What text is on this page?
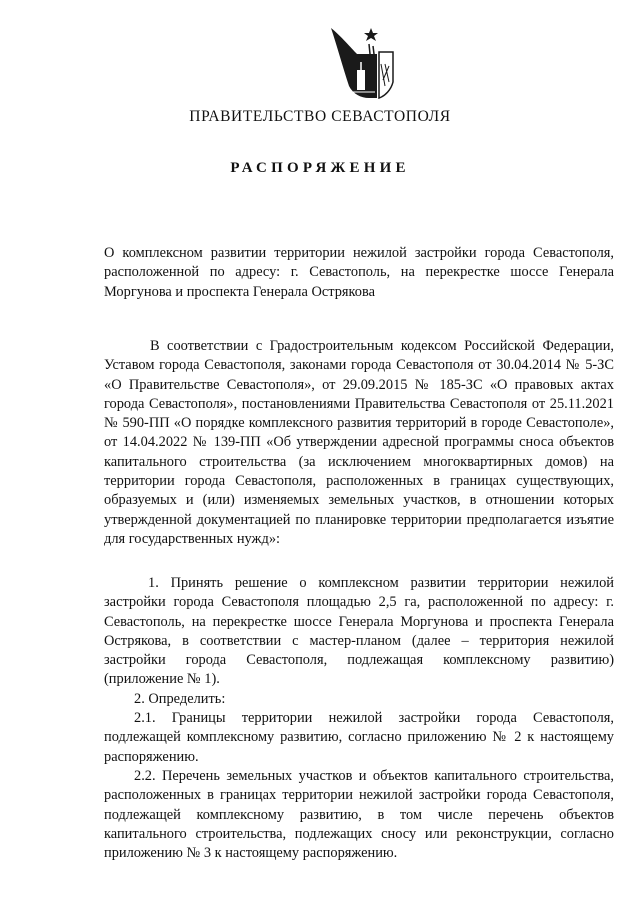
ПРАВИТЕЛЬСТВО СЕВАСТОПОЛЯ
РАСПОРЯЖЕНИЕ
О комплексном развитии территории нежилой застройки города Севастополя, расположенной по адресу: г. Севастополь, на перекрестке шоссе Генерала Моргунова и проспекта Генерала Острякова
В соответствии с Градостроительным кодексом Российской Федерации, Уставом города Севастополя, законами города Севастополя от 30.04.2014 № 5-ЗС «О Правительстве Севастополя», от 29.09.2015 № 185-ЗС «О правовых актах города Севастополя», постановлениями Правительства Севастополя от 25.11.2021 № 590-ПП «О порядке комплексного развития территорий в городе Севастополе», от 14.04.2022 № 139-ПП «Об утверждении адресной программы сноса объектов капитального строительства (за исключением многоквартирных домов) на территории города Севастополя, расположенных в границах существующих, образуемых и (или) изменяемых земельных участков, в отношении которых утвержденной документацией по планировке территории предполагается изъятие для государственных нужд»:

1. Принять решение о комплексном развитии территории нежилой застройки города Севастополя площадью 2,5 га, расположенной по адресу: г. Севастополь, на перекрестке шоссе Генерала Моргунова и проспекта Генерала Острякова, в соответствии с мастер-планом (далее – территория нежилой застройки города Севастополя, подлежащая комплексному развитию) (приложение № 1).

2. Определить:

2.1. Границы территории нежилой застройки города Севастополя, подлежащей комплексному развитию, согласно приложению № 2 к настоящему распоряжению.

2.2. Перечень земельных участков и объектов капитального строительства, расположенных в границах территории нежилой застройки города Севастополя, подлежащей комплексному развитию, в том числе перечень объектов капитального строительства, подлежащих сносу или реконструкции, согласно приложению № 3 к настоящему распоряжению.
